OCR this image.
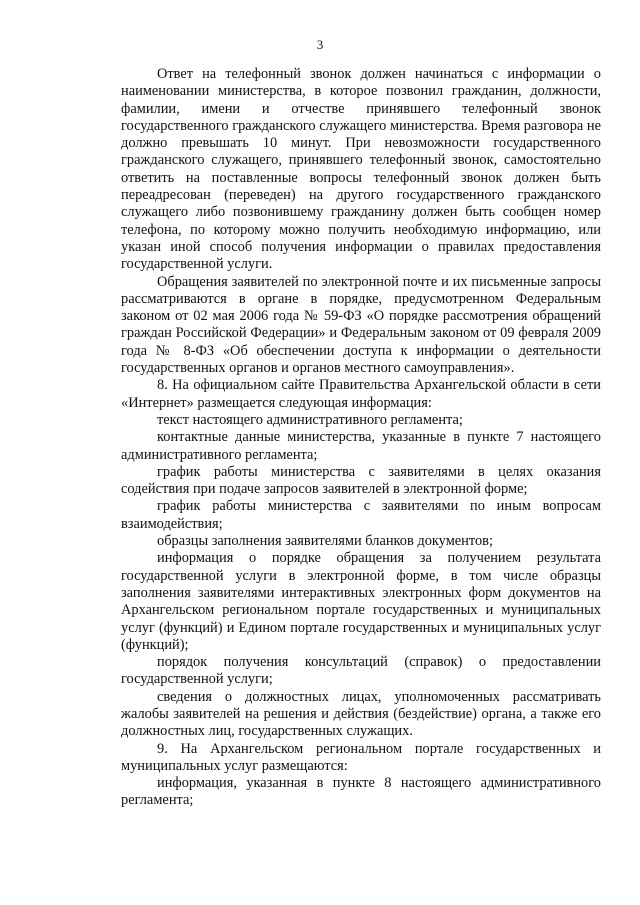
3

Ответ на телефонный звонок должен начинаться с информации о наименовании министерства, в которое позвонил гражданин, должности, фамилии, имени и отчестве принявшего телефонный звонок государственного гражданского служащего министерства. Время разговора не должно превышать 10 минут. При невозможности государственного гражданского служащего, принявшего телефонный звонок, самостоятельно ответить на поставленные вопросы телефонный звонок должен быть переадресован (переведен) на другого государственного гражданского служащего либо позвонившему гражданину должен быть сообщен номер телефона, по которому можно получить необходимую информацию, или указан иной способ получения информации о правилах предоставления государственной услуги.

Обращения заявителей по электронной почте и их письменные запросы рассматриваются в органе в порядке, предусмотренном Федеральным законом от 02 мая 2006 года № 59-ФЗ «О порядке рассмотрения обращений граждан Российской Федерации» и Федеральным законом от 09 февраля 2009 года № 8-ФЗ «Об обеспечении доступа к информации о деятельности государственных органов и органов местного самоуправления».

8. На официальном сайте Правительства Архангельской области в сети «Интернет» размещается следующая информация:

текст настоящего административного регламента;

контактные данные министерства, указанные в пункте 7 настоящего административного регламента;

график работы министерства с заявителями в целях оказания содействия при подаче запросов заявителей в электронной форме;

график работы министерства с заявителями по иным вопросам взаимодействия;

образцы заполнения заявителями бланков документов;

информация о порядке обращения за получением результата государственной услуги в электронной форме, в том числе образцы заполнения заявителями интерактивных электронных форм документов на Архангельском региональном портале государственных и муниципальных услуг (функций) и Едином портале государственных и муниципальных услуг (функций);

порядок получения консультаций (справок) о предоставлении государственной услуги;

сведения о должностных лицах, уполномоченных рассматривать жалобы заявителей на решения и действия (бездействие) органа, а также его должностных лиц, государственных служащих.

9. На Архангельском региональном портале государственных и муниципальных услуг размещаются:

информация, указанная в пункте 8 настоящего административного регламента;
